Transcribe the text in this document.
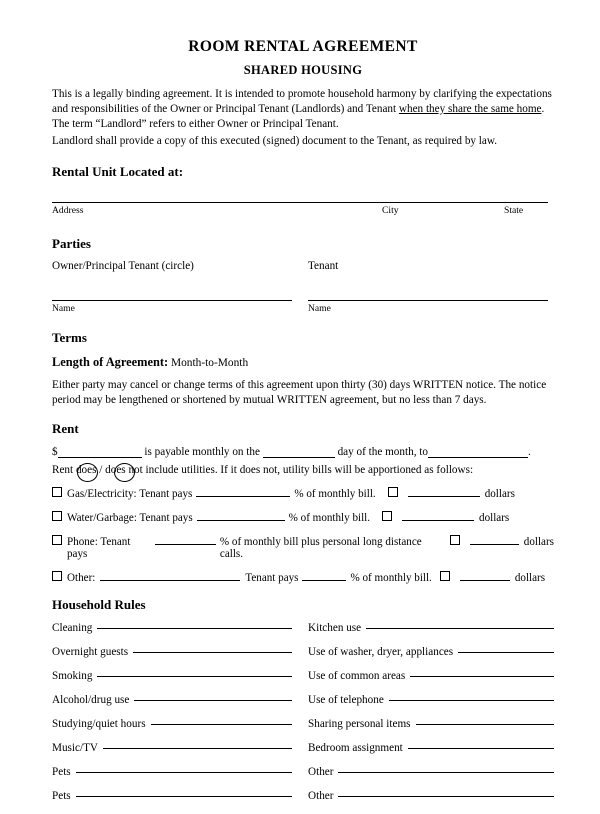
ROOM RENTAL AGREEMENT
SHARED HOUSING
This is a legally binding agreement. It is intended to promote household harmony by clarifying the expectations and responsibilities of the Owner or Principal Tenant (Landlords) and Tenant when they share the same home. The term “Landlord” refers to either Owner or Principal Tenant.
Landlord shall provide a copy of this executed (signed) document to the Tenant, as required by law.
Rental Unit Located at:
Address	City	State
Parties
Owner/Principal Tenant (circle)	Tenant
Name	Name
Terms
Length of Agreement: Month-to-Month
Either party may cancel or change terms of this agreement upon thirty (30) days WRITTEN notice. The notice period may be lengthened or shortened by mutual WRITTEN agreement, but no less than 7 days.
Rent
$	is payable monthly on the	day of the month, to	.
Rent does / does not include utilities. If it does not, utility bills will be apportioned as follows:
Gas/Electricity: Tenant pays	% of monthly bill.	dollars
Water/Garbage: Tenant pays	% of monthly bill.	dollars
Phone: Tenant pays
% of monthly bill plus personal long distance calls.
dollars
Other:	Tenant pays	% of monthly bill.	dollars
Household Rules
Cleaning	Kitchen use
Overnight guests	Use of washer, dryer, appliances
Smoking	Use of common areas
Alcohol/drug use	Use of telephone
Studying/quiet hours	Sharing personal items
Music/TV	Bedroom assignment
Pets	Other
Pets	Other
